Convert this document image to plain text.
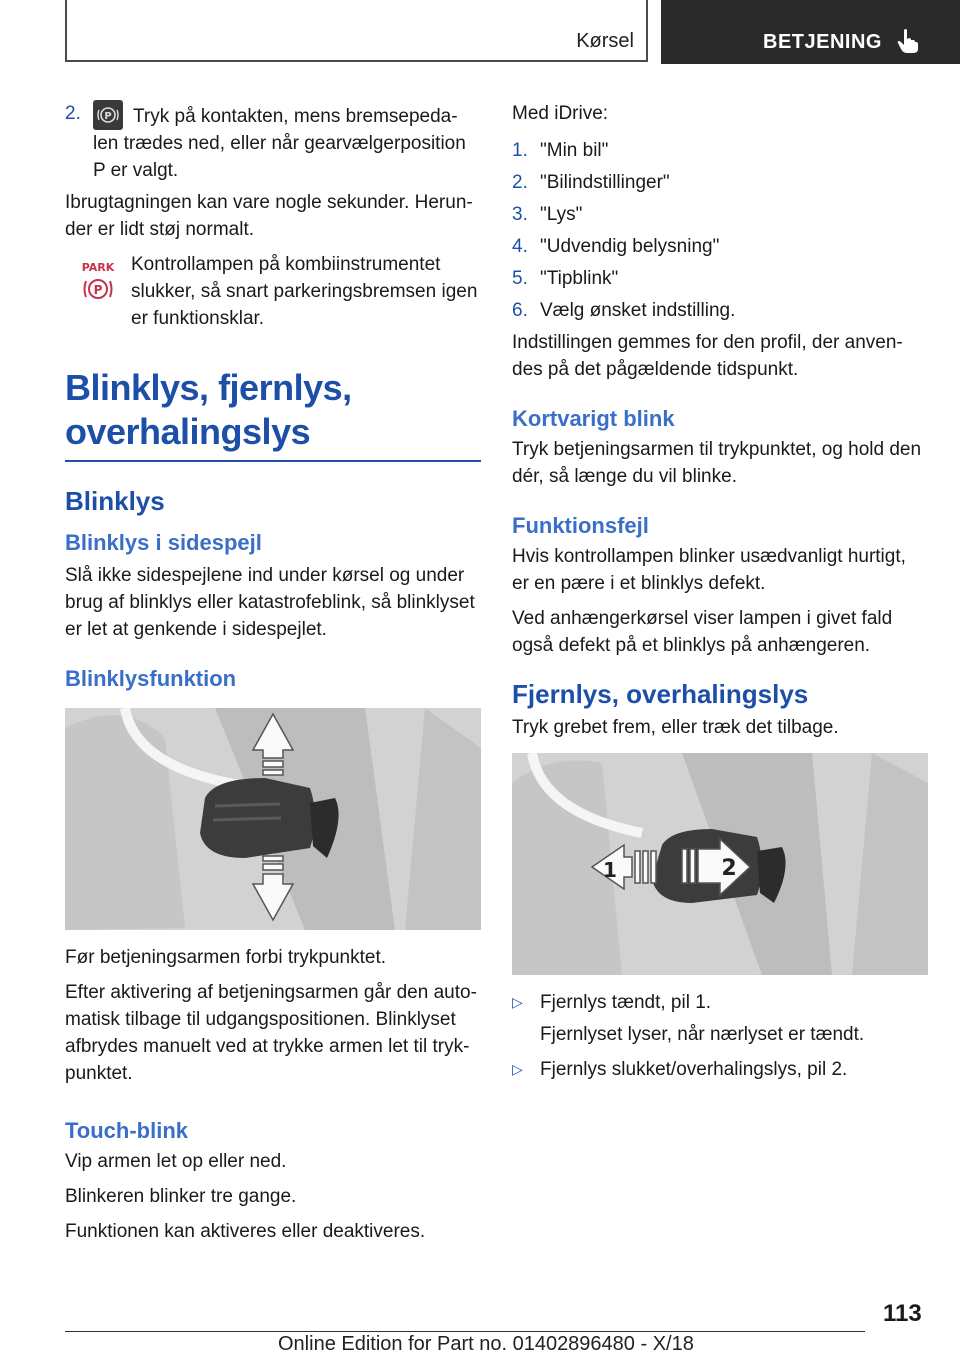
Kørsel	BETJENING
2.	P Tryk på kontakten, mens bremsepeda-len trædes ned, eller når gearvælgerposition P er valgt.

Ibrugtagningen kan vare nogle sekunder. Herun-der er lidt støj normalt.

PARK
P
Kontrollampen på kombiinstrumentet slukker, så snart parkeringsbremsen igen er funktionsklar.
Blinklys, fjernlys, overhalingslys
Blinklys
Blinklys i sidespejl

Slå ikke sidespejlene ind under kørsel og under brug af blinklys eller katastrofeblink, så blinklyset er let at genkende i sidespejlet.

Blinklysfunktion

Før betjeningsarmen forbi trykpunktet.

Efter aktivering af betjeningsarmen går den auto-matisk tilbage til udgangspositionen. Blinklyset afbrydes manuelt ved at trykke armen let til tryk-punktet.

Touch-blink

Vip armen let op eller ned.

Blinkeren blinker tre gange.

Funktionen kan aktiveres eller deaktiveres.

Med iDrive:

1. "Min bil"
2. "Bilindstillinger"
3. "Lys"
4. "Udvendig belysning"
5. "Tipblink"
6. Vælg ønsket indstilling.

Indstillingen gemmes for den profil, der anven-des på det pågældende tidspunkt.

Kortvarigt blink

Tryk betjeningsarmen til trykpunktet, og hold den dér, så længe du vil blinke.

Funktionsfejl

Hvis kontrollampen blinker usædvanligt hurtigt, er en pære i et blinklys defekt.

Ved anhængerkørsel viser lampen i givet fald også defekt på et blinklys på anhængeren.

Fjernlys, overhalingslys

Tryk grebet frem, eller træk det tilbage.

1	2
▷ Fjernlys tændt, pil 1.

Fjernlyset lyser, når nærlyset er tændt.

▷ Fjernlys slukket/overhalingslys, pil 2.
113
Online Edition for Part no. 01402896480 - X/18
